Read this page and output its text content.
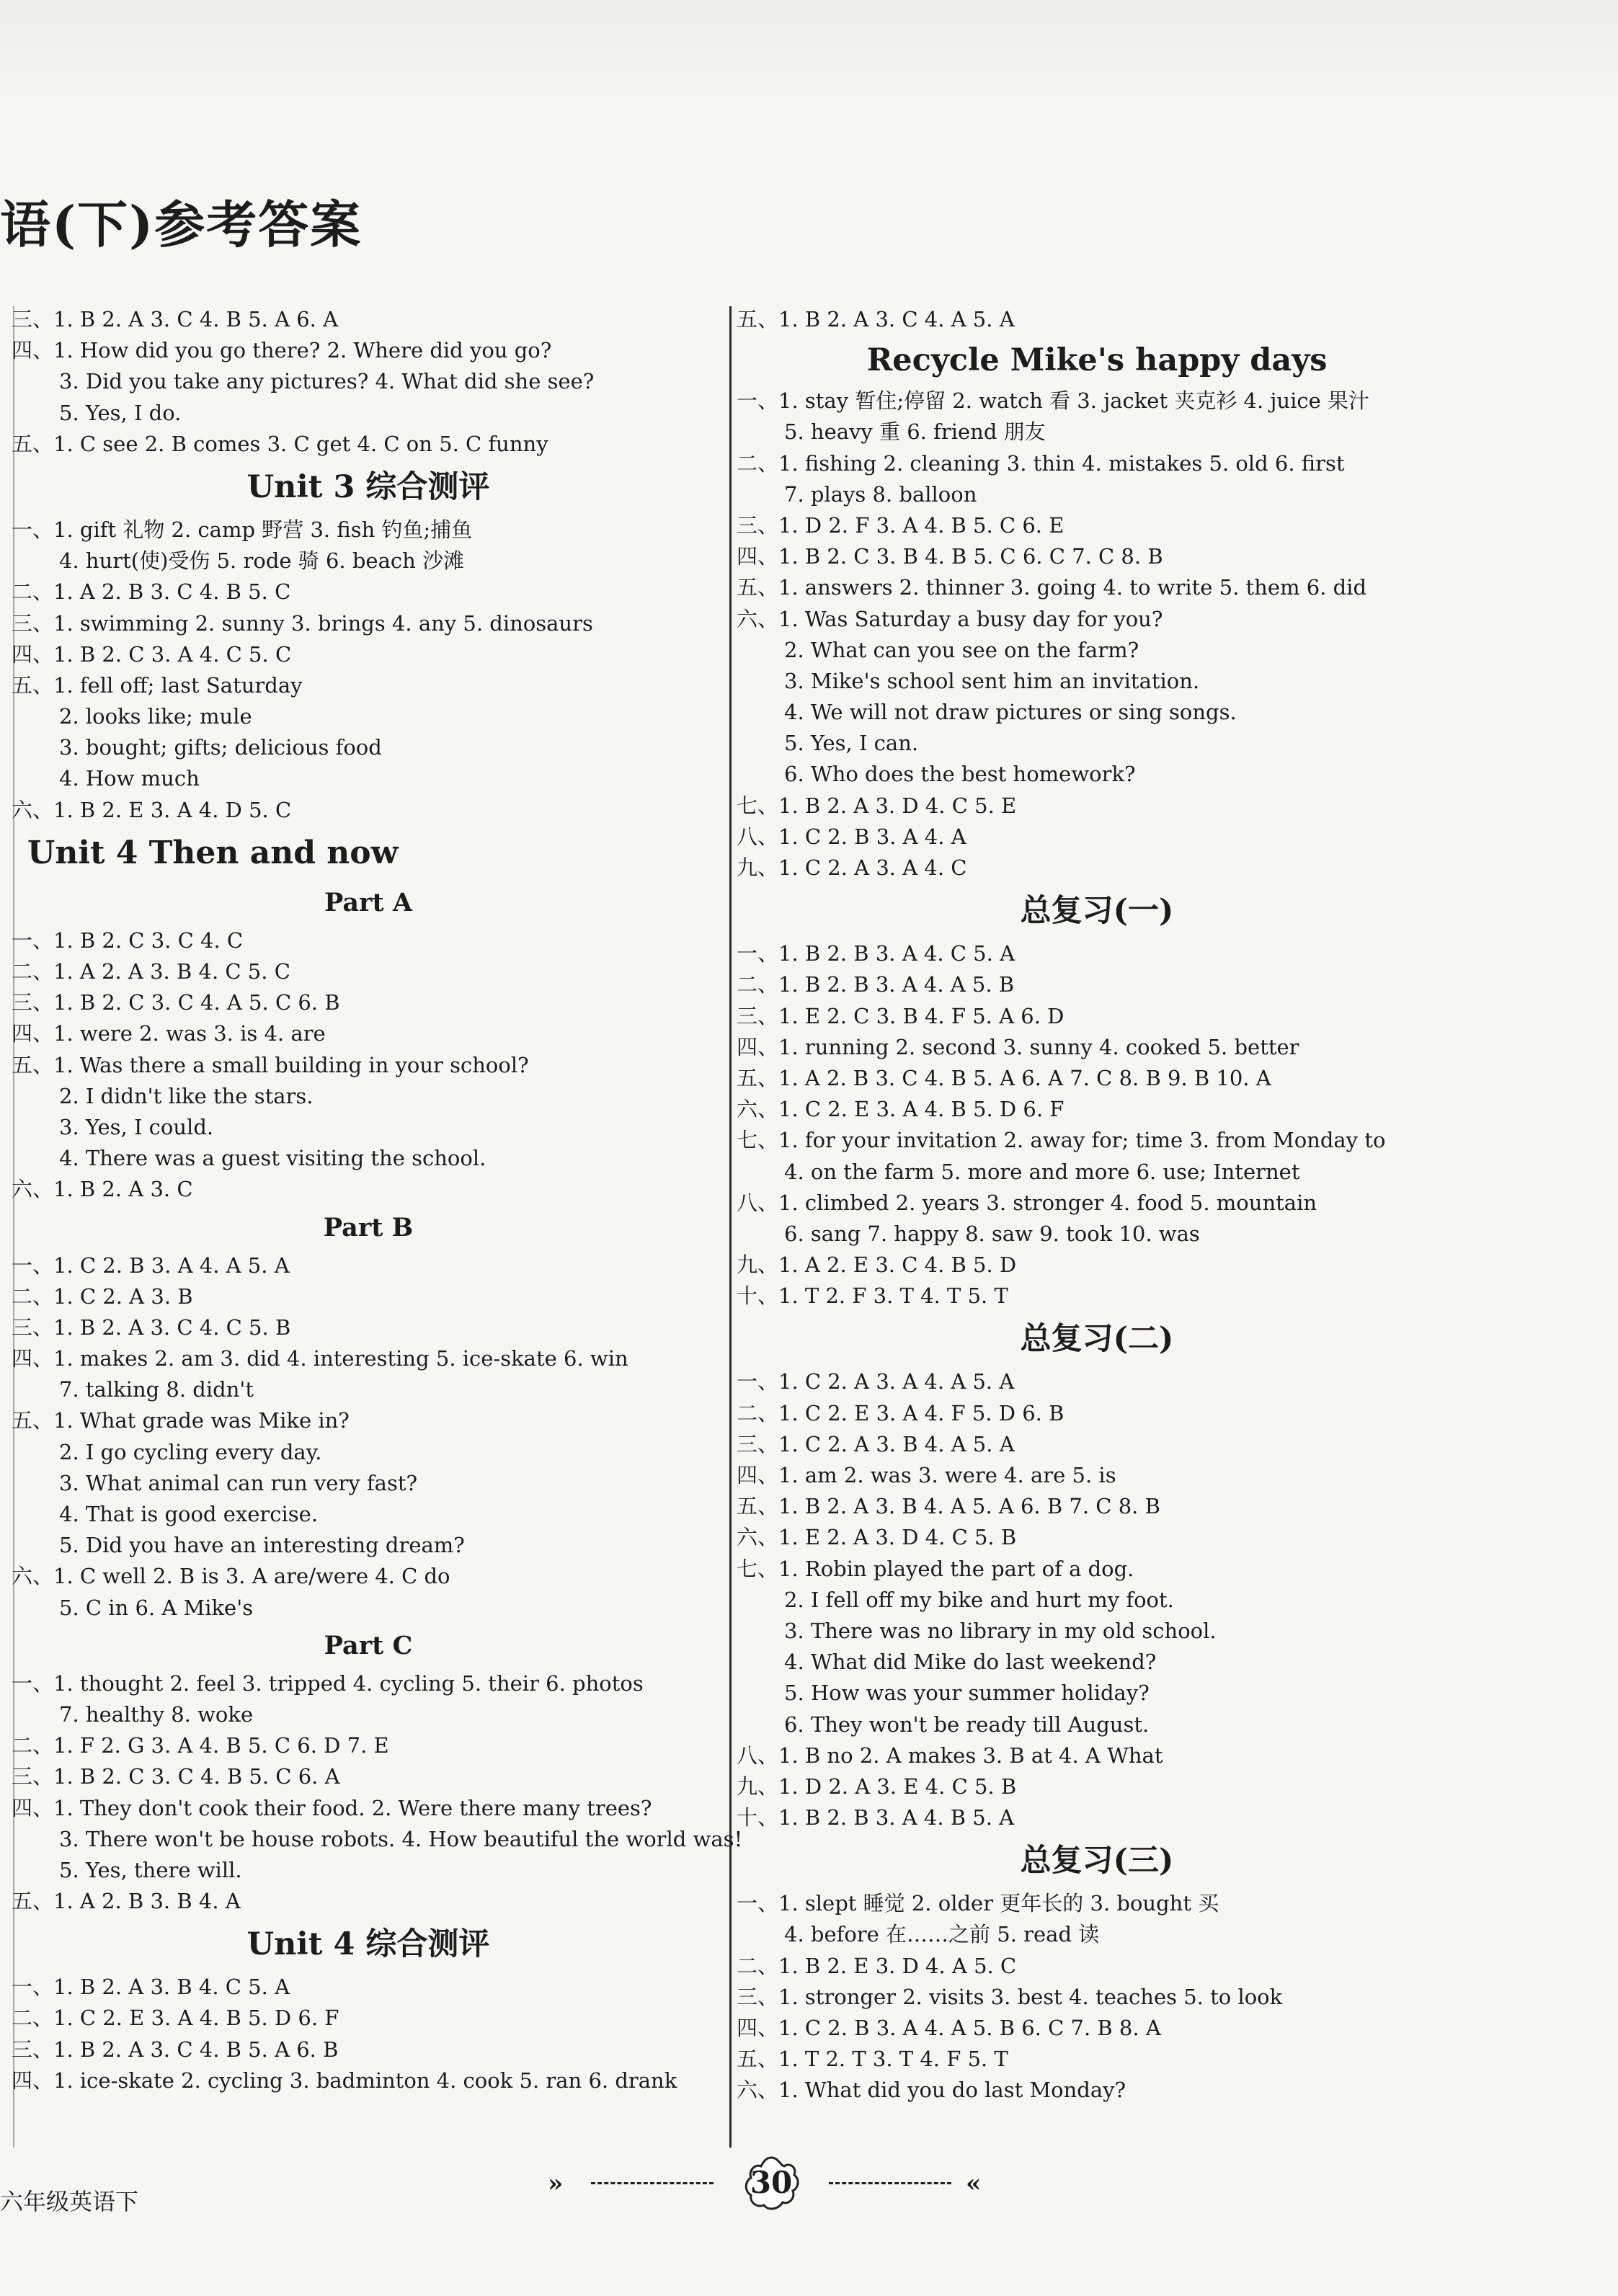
语(下)参考答案
三、1. B 2. A 3. C 4. B 5. A 6. A
四、1. How did you go there? 2. Where did you go?
3. Did you take any pictures? 4. What did she see?
5. Yes, I do.
五、1. C see 2. B comes 3. C get 4. C on 5. C funny
Unit 3 综合测评
一、1. gift 礼物 2. camp 野营 3. fish 钓鱼;捕鱼
4. hurt(使)受伤 5. rode 骑 6. beach 沙滩
二、1. A 2. B 3. C 4. B 5. C
三、1. swimming 2. sunny 3. brings 4. any 5. dinosaurs
四、1. B 2. C 3. A 4. C 5. C
五、1. fell off; last Saturday
2. looks like; mule
3. bought; gifts; delicious food
4. How much
六、1. B 2. E 3. A 4. D 5. C
Unit 4 Then and now
Part A
一、1. B 2. C 3. C 4. C
二、1. A 2. A 3. B 4. C 5. C
三、1. B 2. C 3. C 4. A 5. C 6. B
四、1. were 2. was 3. is 4. are
五、1. Was there a small building in your school?
2. I didn't like the stars.
3. Yes, I could.
4. There was a guest visiting the school.
六、1. B 2. A 3. C
Part B
一、1. C 2. B 3. A 4. A 5. A
二、1. C 2. A 3. B
三、1. B 2. A 3. C 4. C 5. B
四、1. makes 2. am 3. did 4. interesting 5. ice-skate 6. win
7. talking 8. didn't
五、1. What grade was Mike in?
2. I go cycling every day.
3. What animal can run very fast?
4. That is good exercise.
5. Did you have an interesting dream?
六、1. C well 2. B is 3. A are/were 4. C do
5. C in 6. A Mike's
Part C
一、1. thought 2. feel 3. tripped 4. cycling 5. their 6. photos
7. healthy 8. woke
二、1. F 2. G 3. A 4. B 5. C 6. D 7. E
三、1. B 2. C 3. C 4. B 5. C 6. A
四、1. They don't cook their food. 2. Were there many trees?
3. There won't be house robots. 4. How beautiful the world was!
5. Yes, there will.
五、1. A 2. B 3. B 4. A
Unit 4 综合测评
一、1. B 2. A 3. B 4. C 5. A
二、1. C 2. E 3. A 4. B 5. D 6. F
三、1. B 2. A 3. C 4. B 5. A 6. B
四、1. ice-skate 2. cycling 3. badminton 4. cook 5. ran 6. drank
五、1. B 2. A 3. C 4. A 5. A
Recycle Mike's happy days
一、1. stay 暂住;停留 2. watch 看 3. jacket 夹克衫 4. juice 果汁
5. heavy 重 6. friend 朋友
二、1. fishing 2. cleaning 3. thin 4. mistakes 5. old 6. first
7. plays 8. balloon
三、1. D 2. F 3. A 4. B 5. C 6. E
四、1. B 2. C 3. B 4. B 5. C 6. C 7. C 8. B
五、1. answers 2. thinner 3. going 4. to write 5. them 6. did
六、1. Was Saturday a busy day for you?
2. What can you see on the farm?
3. Mike's school sent him an invitation.
4. We will not draw pictures or sing songs.
5. Yes, I can.
6. Who does the best homework?
七、1. B 2. A 3. D 4. C 5. E
八、1. C 2. B 3. A 4. A
九、1. C 2. A 3. A 4. C
总复习(一)
一、1. B 2. B 3. A 4. C 5. A
二、1. B 2. B 3. A 4. A 5. B
三、1. E 2. C 3. B 4. F 5. A 6. D
四、1. running 2. second 3. sunny 4. cooked 5. better
五、1. A 2. B 3. C 4. B 5. A 6. A 7. C 8. B 9. B 10. A
六、1. C 2. E 3. A 4. B 5. D 6. F
七、1. for your invitation 2. away for; time 3. from Monday to
4. on the farm 5. more and more 6. use; Internet
八、1. climbed 2. years 3. stronger 4. food 5. mountain
6. sang 7. happy 8. saw 9. took 10. was
九、1. A 2. E 3. C 4. B 5. D
十、1. T 2. F 3. T 4. T 5. T
总复习(二)
一、1. C 2. A 3. A 4. A 5. A
二、1. C 2. E 3. A 4. F 5. D 6. B
三、1. C 2. A 3. B 4. A 5. A
四、1. am 2. was 3. were 4. are 5. is
五、1. B 2. A 3. B 4. A 5. A 6. B 7. C 8. B
六、1. E 2. A 3. D 4. C 5. B
七、1. Robin played the part of a dog.
2. I fell off my bike and hurt my foot.
3. There was no library in my old school.
4. What did Mike do last weekend?
5. How was your summer holiday?
6. They won't be ready till August.
八、1. B no 2. A makes 3. B at 4. A What
九、1. D 2. A 3. E 4. C 5. B
十、1. B 2. B 3. A 4. B 5. A
总复习(三)
一、1. slept 睡觉 2. older 更年长的 3. bought 买
4. before 在……之前 5. read 读
二、1. B 2. E 3. D 4. A 5. C
三、1. stronger 2. visits 3. best 4. teaches 5. to look
四、1. C 2. B 3. A 4. A 5. B 6. C 7. B 8. A
五、1. T 2. T 3. T 4. F 5. T
六、1. What did you do last Monday?
六年级英语下
»	30	«
